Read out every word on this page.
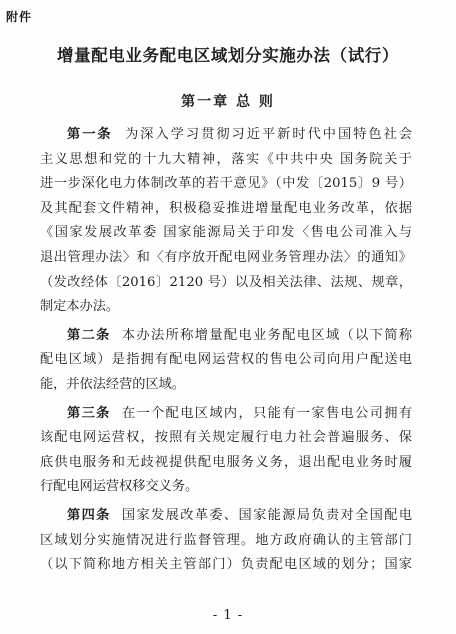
附件
增量配电业务配电区域划分实施办法（试行）
第一章 总 则
第一条 为深入学习贯彻习近平新时代中国特色社会
主义思想和党的十九大精神，落实《中共中央 国务院关于
进一步深化电力体制改革的若干意见》（中发〔2015〕9 号）
及其配套文件精神，积极稳妥推进增量配电业务改革，依据
《国家发展改革委 国家能源局关于印发〈售电公司准入与
退出管理办法〉和〈有序放开配电网业务管理办法〉的通知》
（发改经体〔2016〕2120 号）以及相关法律、法规、规章，
制定本办法。
第二条 本办法所称增量配电业务配电区域（以下简称
配电区域）是指拥有配电网运营权的售电公司向用户配送电
能，并依法经营的区域。
第三条 在一个配电区域内，只能有一家售电公司拥有
该配电网运营权，按照有关规定履行电力社会普遍服务、保
底供电服务和无歧视提供配电服务义务，退出配电业务时履
行配电网运营权移交义务。
第四条 国家发展改革委、国家能源局负责对全国配电
区域划分实施情况进行监督管理。地方政府确认的主管部门
（以下简称地方相关主管部门）负责配电区域的划分；国家
- 1 -
